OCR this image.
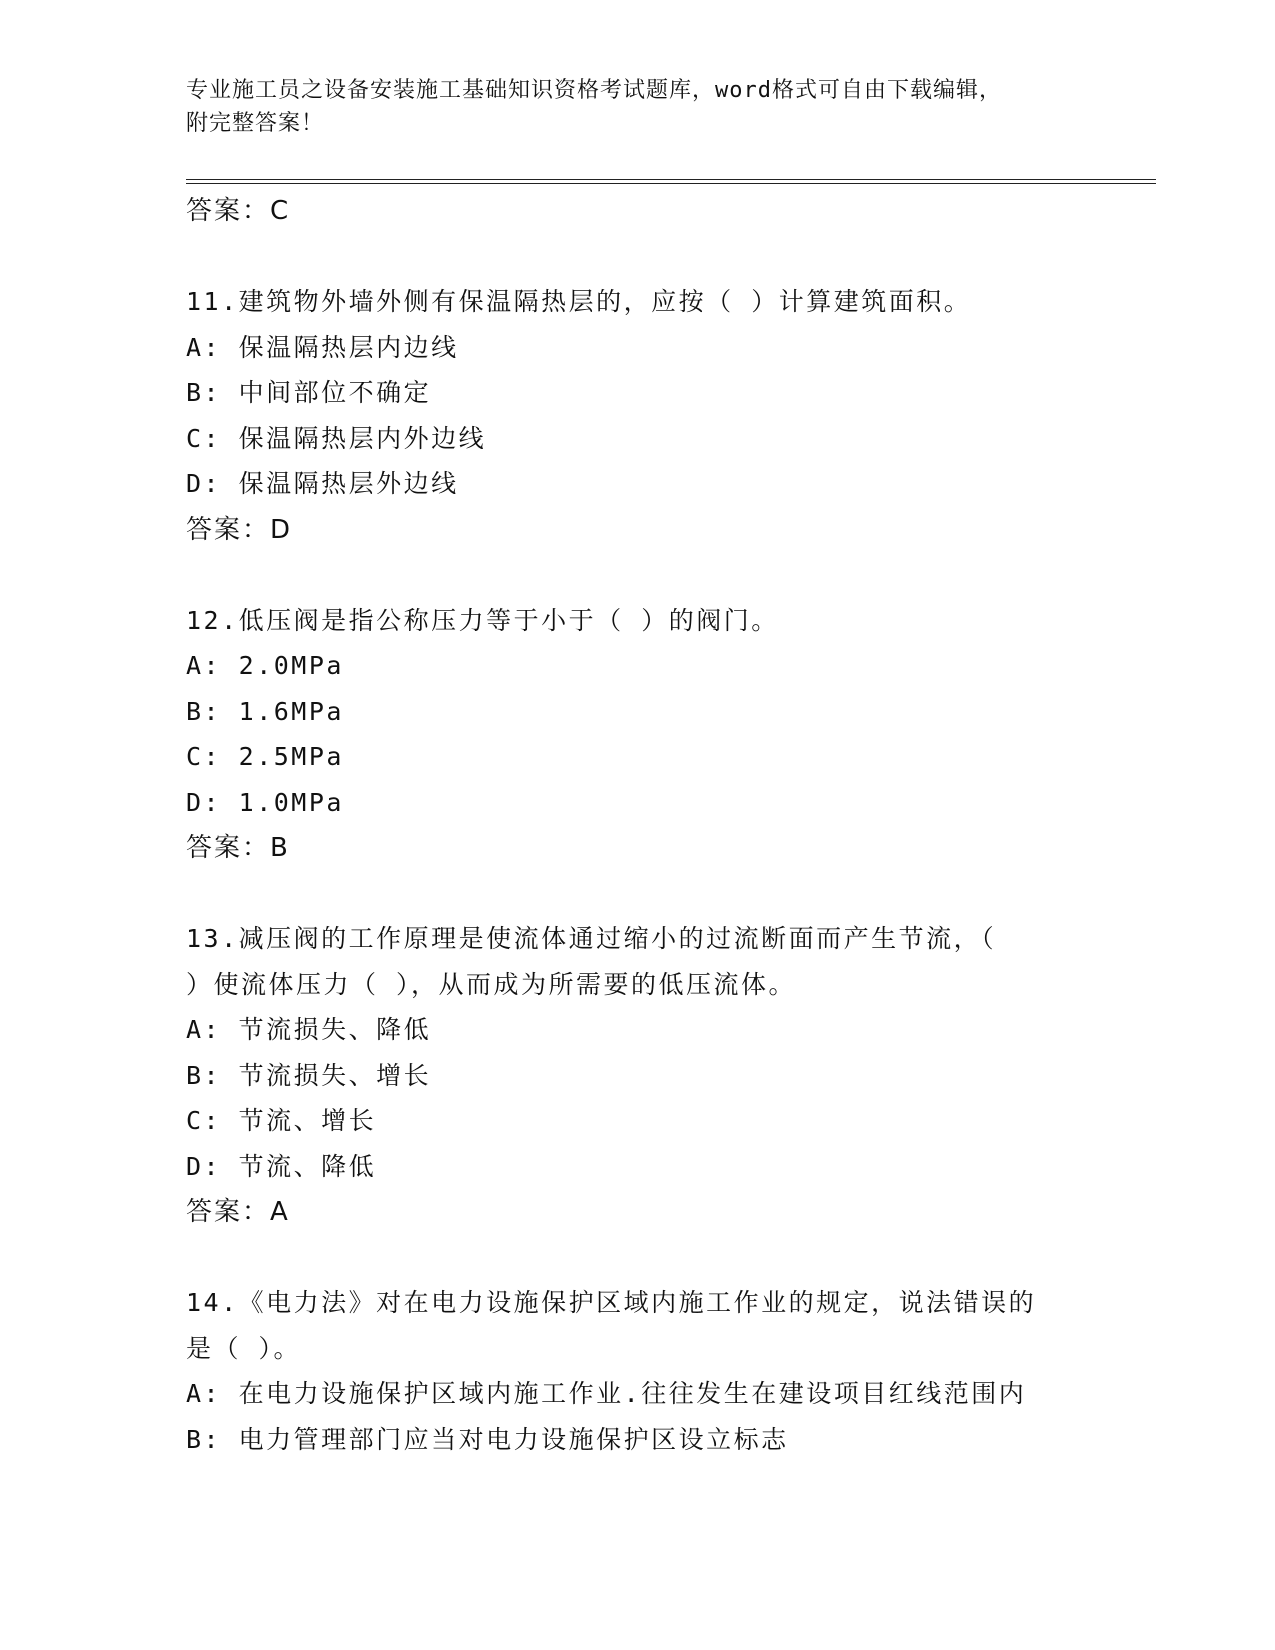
专业施工员之设备安装施工基础知识资格考试题库，word格式可自由下载编辑，
附完整答案！
答案：C
11.建筑物外墙外侧有保温隔热层的，应按（ ）计算建筑面积。
A: 保温隔热层内边线
B: 中间部位不确定
C: 保温隔热层内外边线
D: 保温隔热层外边线
答案：D
12.低压阀是指公称压力等于小于（ ）的阀门。
A: 2.0MPa
B: 1.6MPa
C: 2.5MPa
D: 1.0MPa
答案：B
13.减压阀的工作原理是使流体通过缩小的过流断面而产生节流，（
）使流体压力（ ），从而成为所需要的低压流体。
A: 节流损失、降低
B: 节流损失、增长
C: 节流、增长
D: 节流、降低
答案：A
14.《电力法》对在电力设施保护区域内施工作业的规定，说法错误的
是（ ）。
A: 在电力设施保护区域内施工作业.往往发生在建设项目红线范围内
B: 电力管理部门应当对电力设施保护区设立标志
